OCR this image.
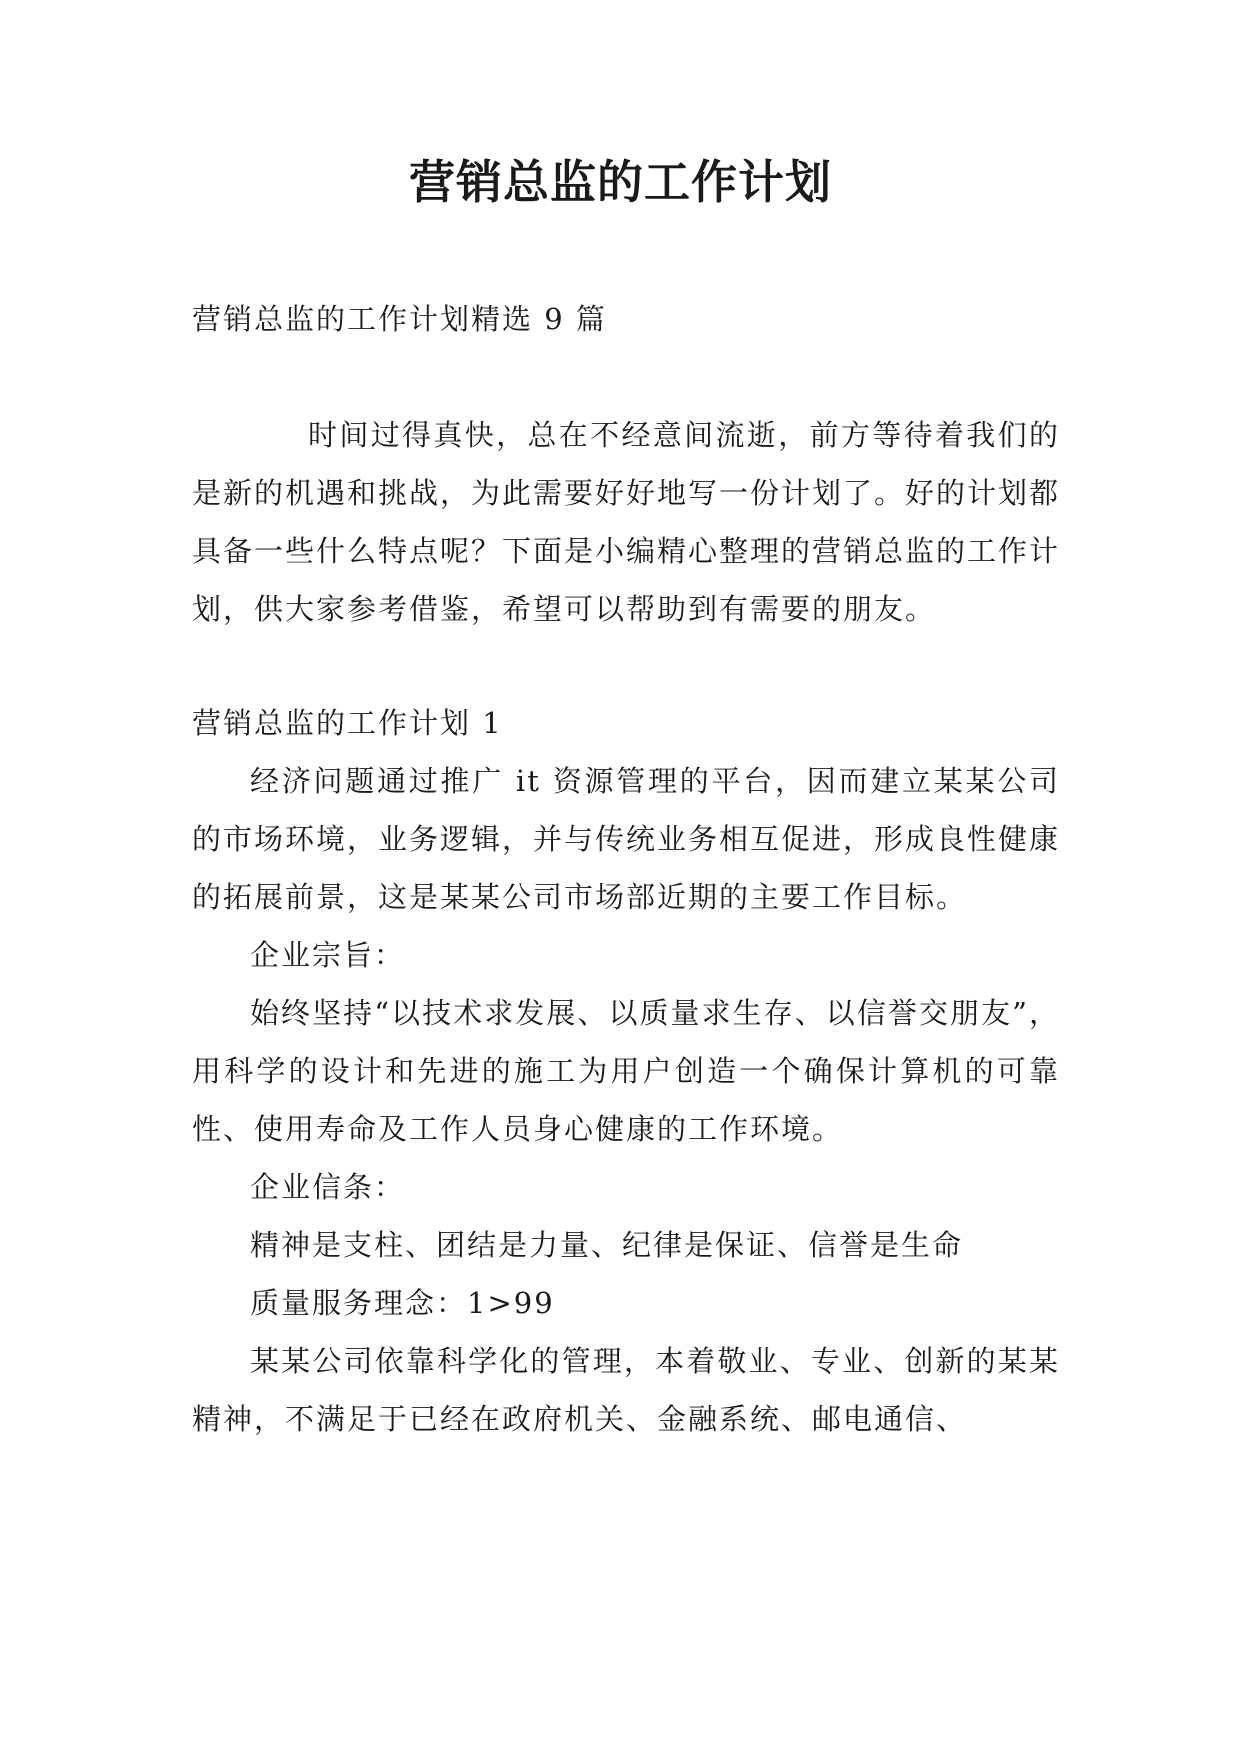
营销总监的工作计划

营销总监的工作计划精选 9 篇

时间过得真快，总在不经意间流逝，前方等待着我们的是新的机遇和挑战，为此需要好好地写一份计划了。好的计划都具备一些什么特点呢？下面是小编精心整理的营销总监的工作计划，供大家参考借鉴，希望可以帮助到有需要的朋友。

营销总监的工作计划 1

经济问题通过推广 it 资源管理的平台，因而建立某某公司的市场环境，业务逻辑，并与传统业务相互促进，形成良性健康的拓展前景，这是某某公司市场部近期的主要工作目标。

企业宗旨：

始终坚持“以技术求发展、以质量求生存、以信誉交朋友”，用科学的设计和先进的施工为用户创造一个确保计算机的可靠性、使用寿命及工作人员身心健康的工作环境。

企业信条：

精神是支柱、团结是力量、纪律是保证、信誉是生命

质量服务理念：1>99

某某公司依靠科学化的管理，本着敬业、专业、创新的某某精神，不满足于已经在政府机关、金融系统、邮电通信、
